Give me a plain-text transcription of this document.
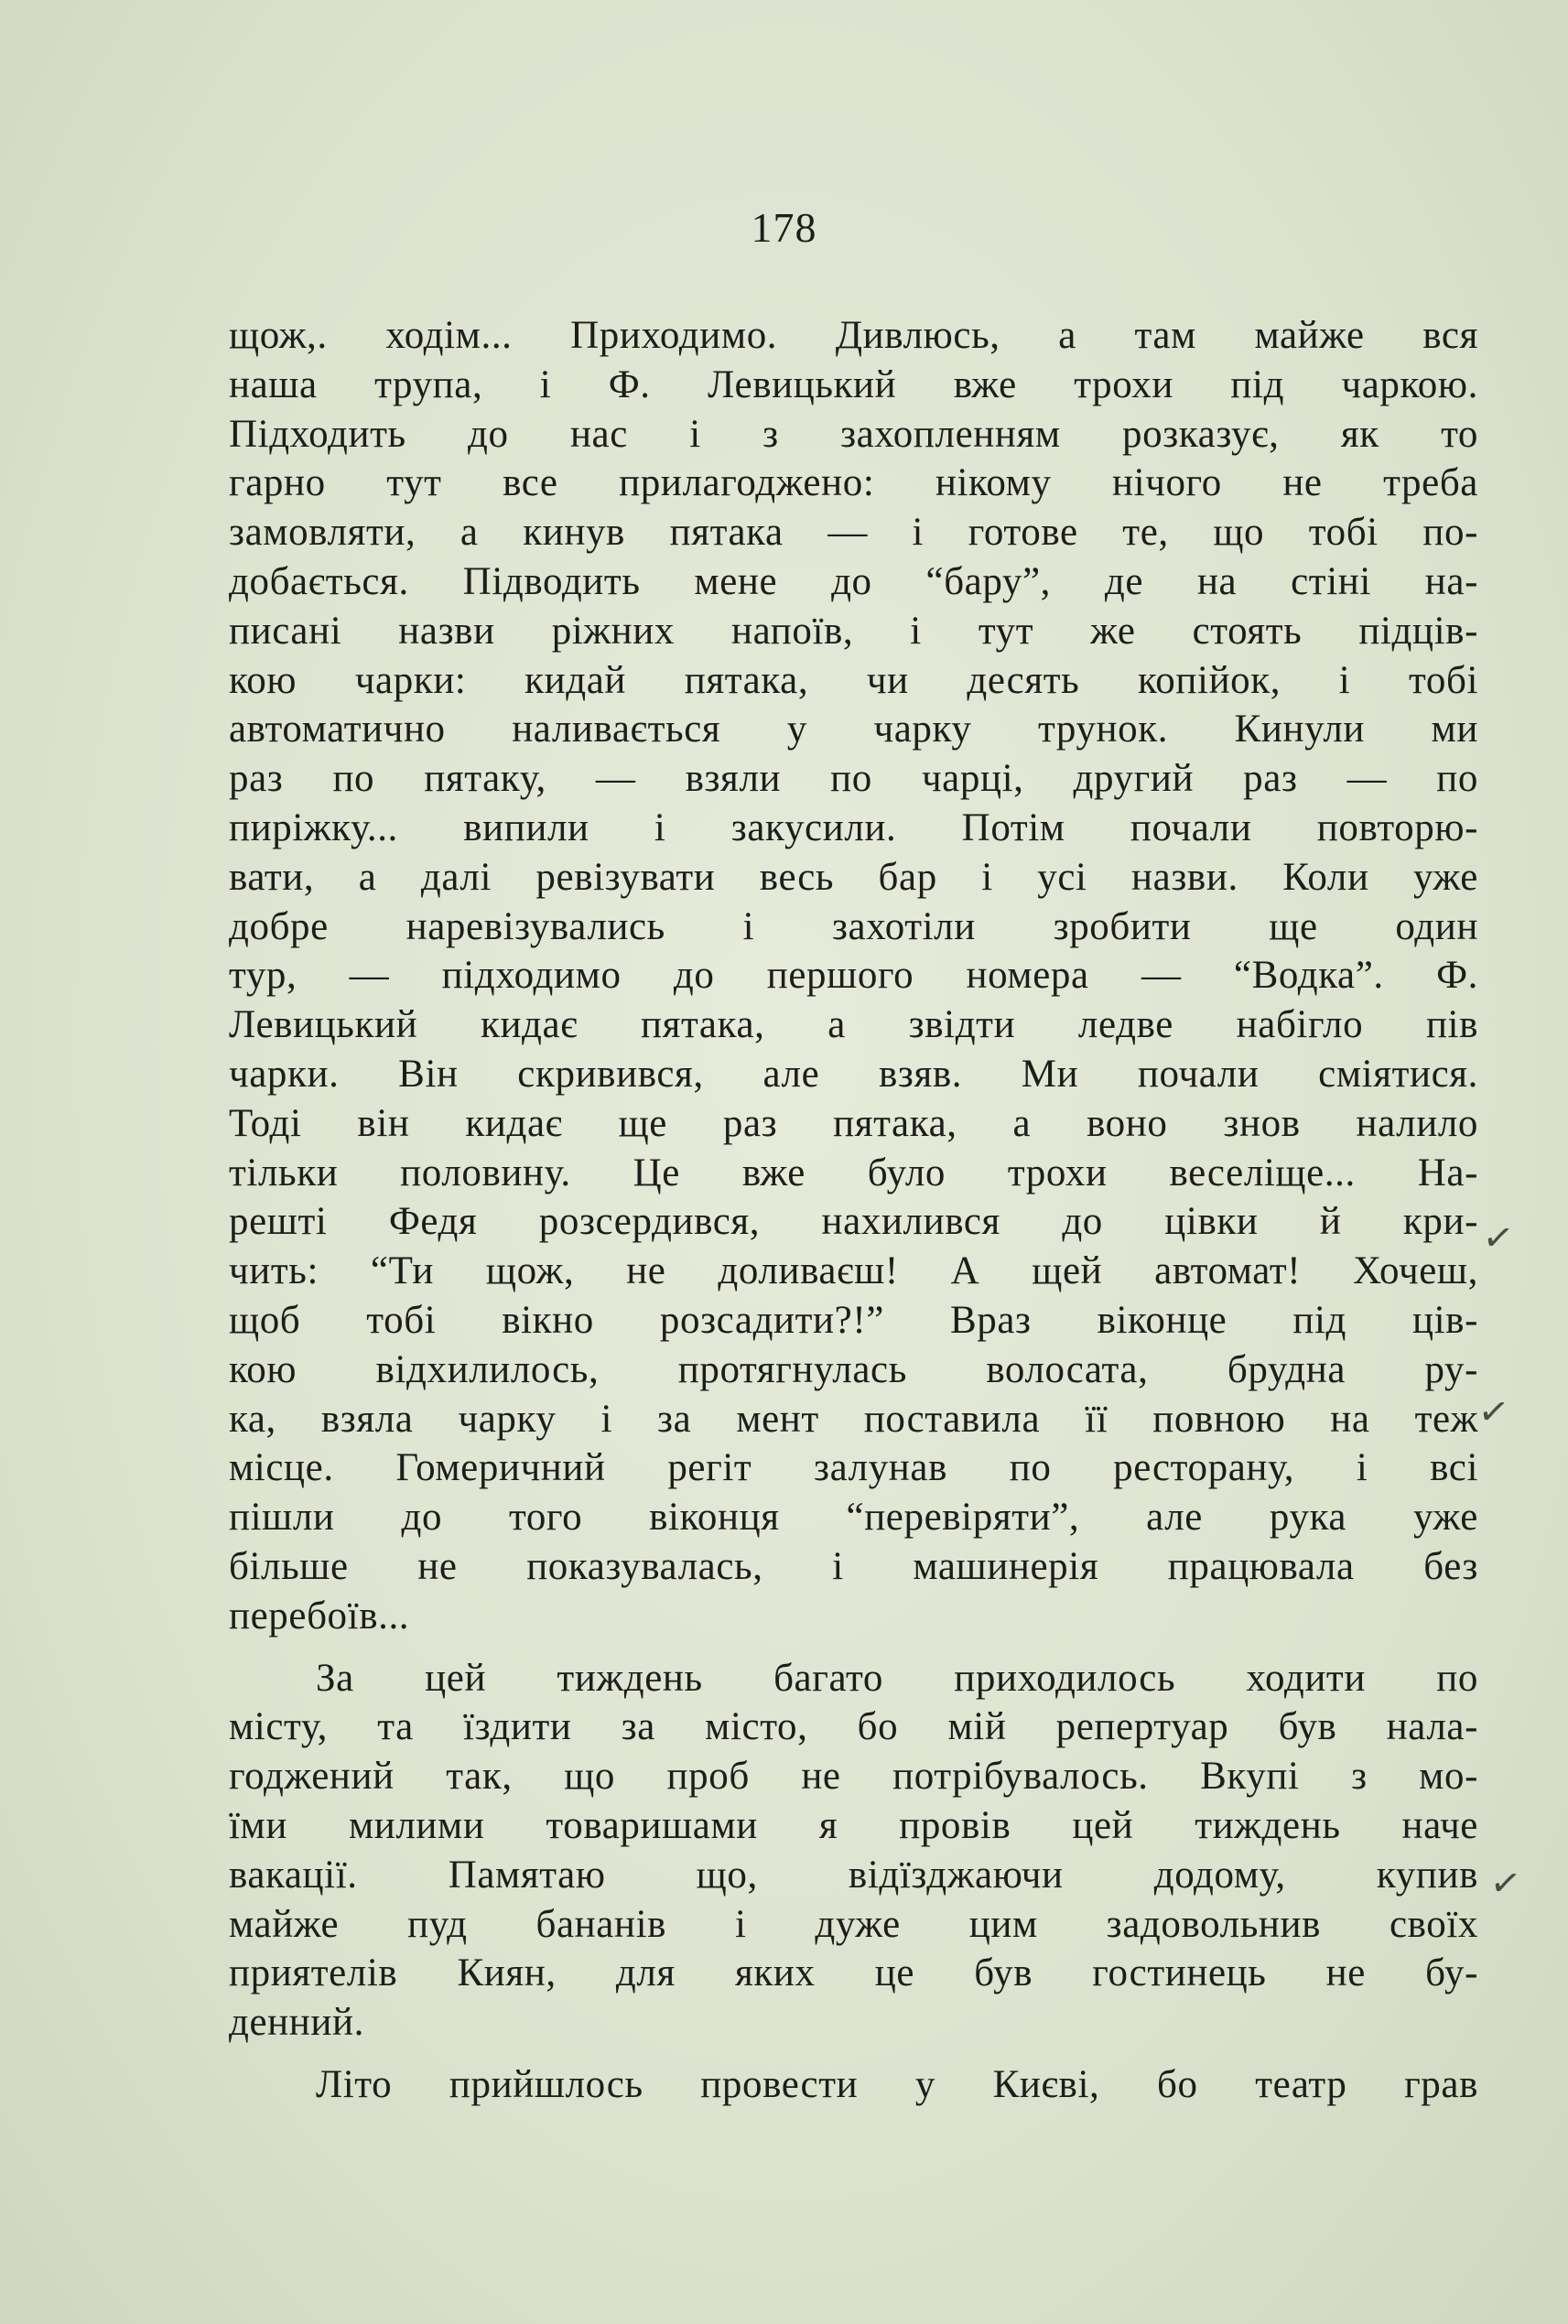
178
щож,. ходім... Приходимо. Дивлюсь, а там майже вся
наша трупа, і Ф. Левицький вже трохи під чаркою.
Підходить до нас і з захопленням розказує, як то
гарно тут все прилагоджено: нікому нічого не треба
замовляти, а кинув пятака — і готове те, що тобі по-
добається. Підводить мене до “бару”, де на стіні на-
писані назви ріжних напоїв, і тут же стоять підців-
кою чарки: кидай пятака, чи десять копійок, і тобі
автоматично наливається у чарку трунок. Кинули ми
раз по пятаку, — взяли по чарці, другий раз — по
пиріжку... випили і закусили. Потім почали повторю-
вати, а далі ревізувати весь бар і усі назви. Коли уже
добре наревізувались і захотіли зробити ще один
тур, — підходимо до першого номера — “Водка”. Ф.
Левицький кидає пятака, а звідти ледве набігло пів
чарки. Він скривився, але взяв. Ми почали сміятися.
Тоді він кидає ще раз пятака, а воно знов налило
тільки половину. Це вже було трохи веселіще... На-
решті Федя розсердився, нахилився до цівки й кри-
чить: “Ти щож, не доливаєш! А щей автомат! Хочеш,
щоб тобі вікно розсадити?!” Враз віконце під ців-
кою відхилилось, протягнулась волосата, брудна ру-
ка, взяла чарку і за мент поставила її повною на теж
місце. Гомеричний регіт залунав по ресторану, і всі
пішли до того віконця “перевіряти”, але рука уже
більше не показувалась, і машинерія працювала без
перебоїв...
За цей тиждень багато приходилось ходити по
місту, та їздити за місто, бо мій репертуар був нала-
годжений так, що проб не потрібувалось. Вкупі з мо-
їми милими товаришами я провів цей тиждень наче
вакації. Памятаю що, відїзджаючи додому, купив
майже пуд бананів і дуже цим задовольнив своїх
приятелів Киян, для яких це був гостинець не бу-
денний.
Літо прийшлось провести у Києві, бо театр грав
✓
✓
✓
